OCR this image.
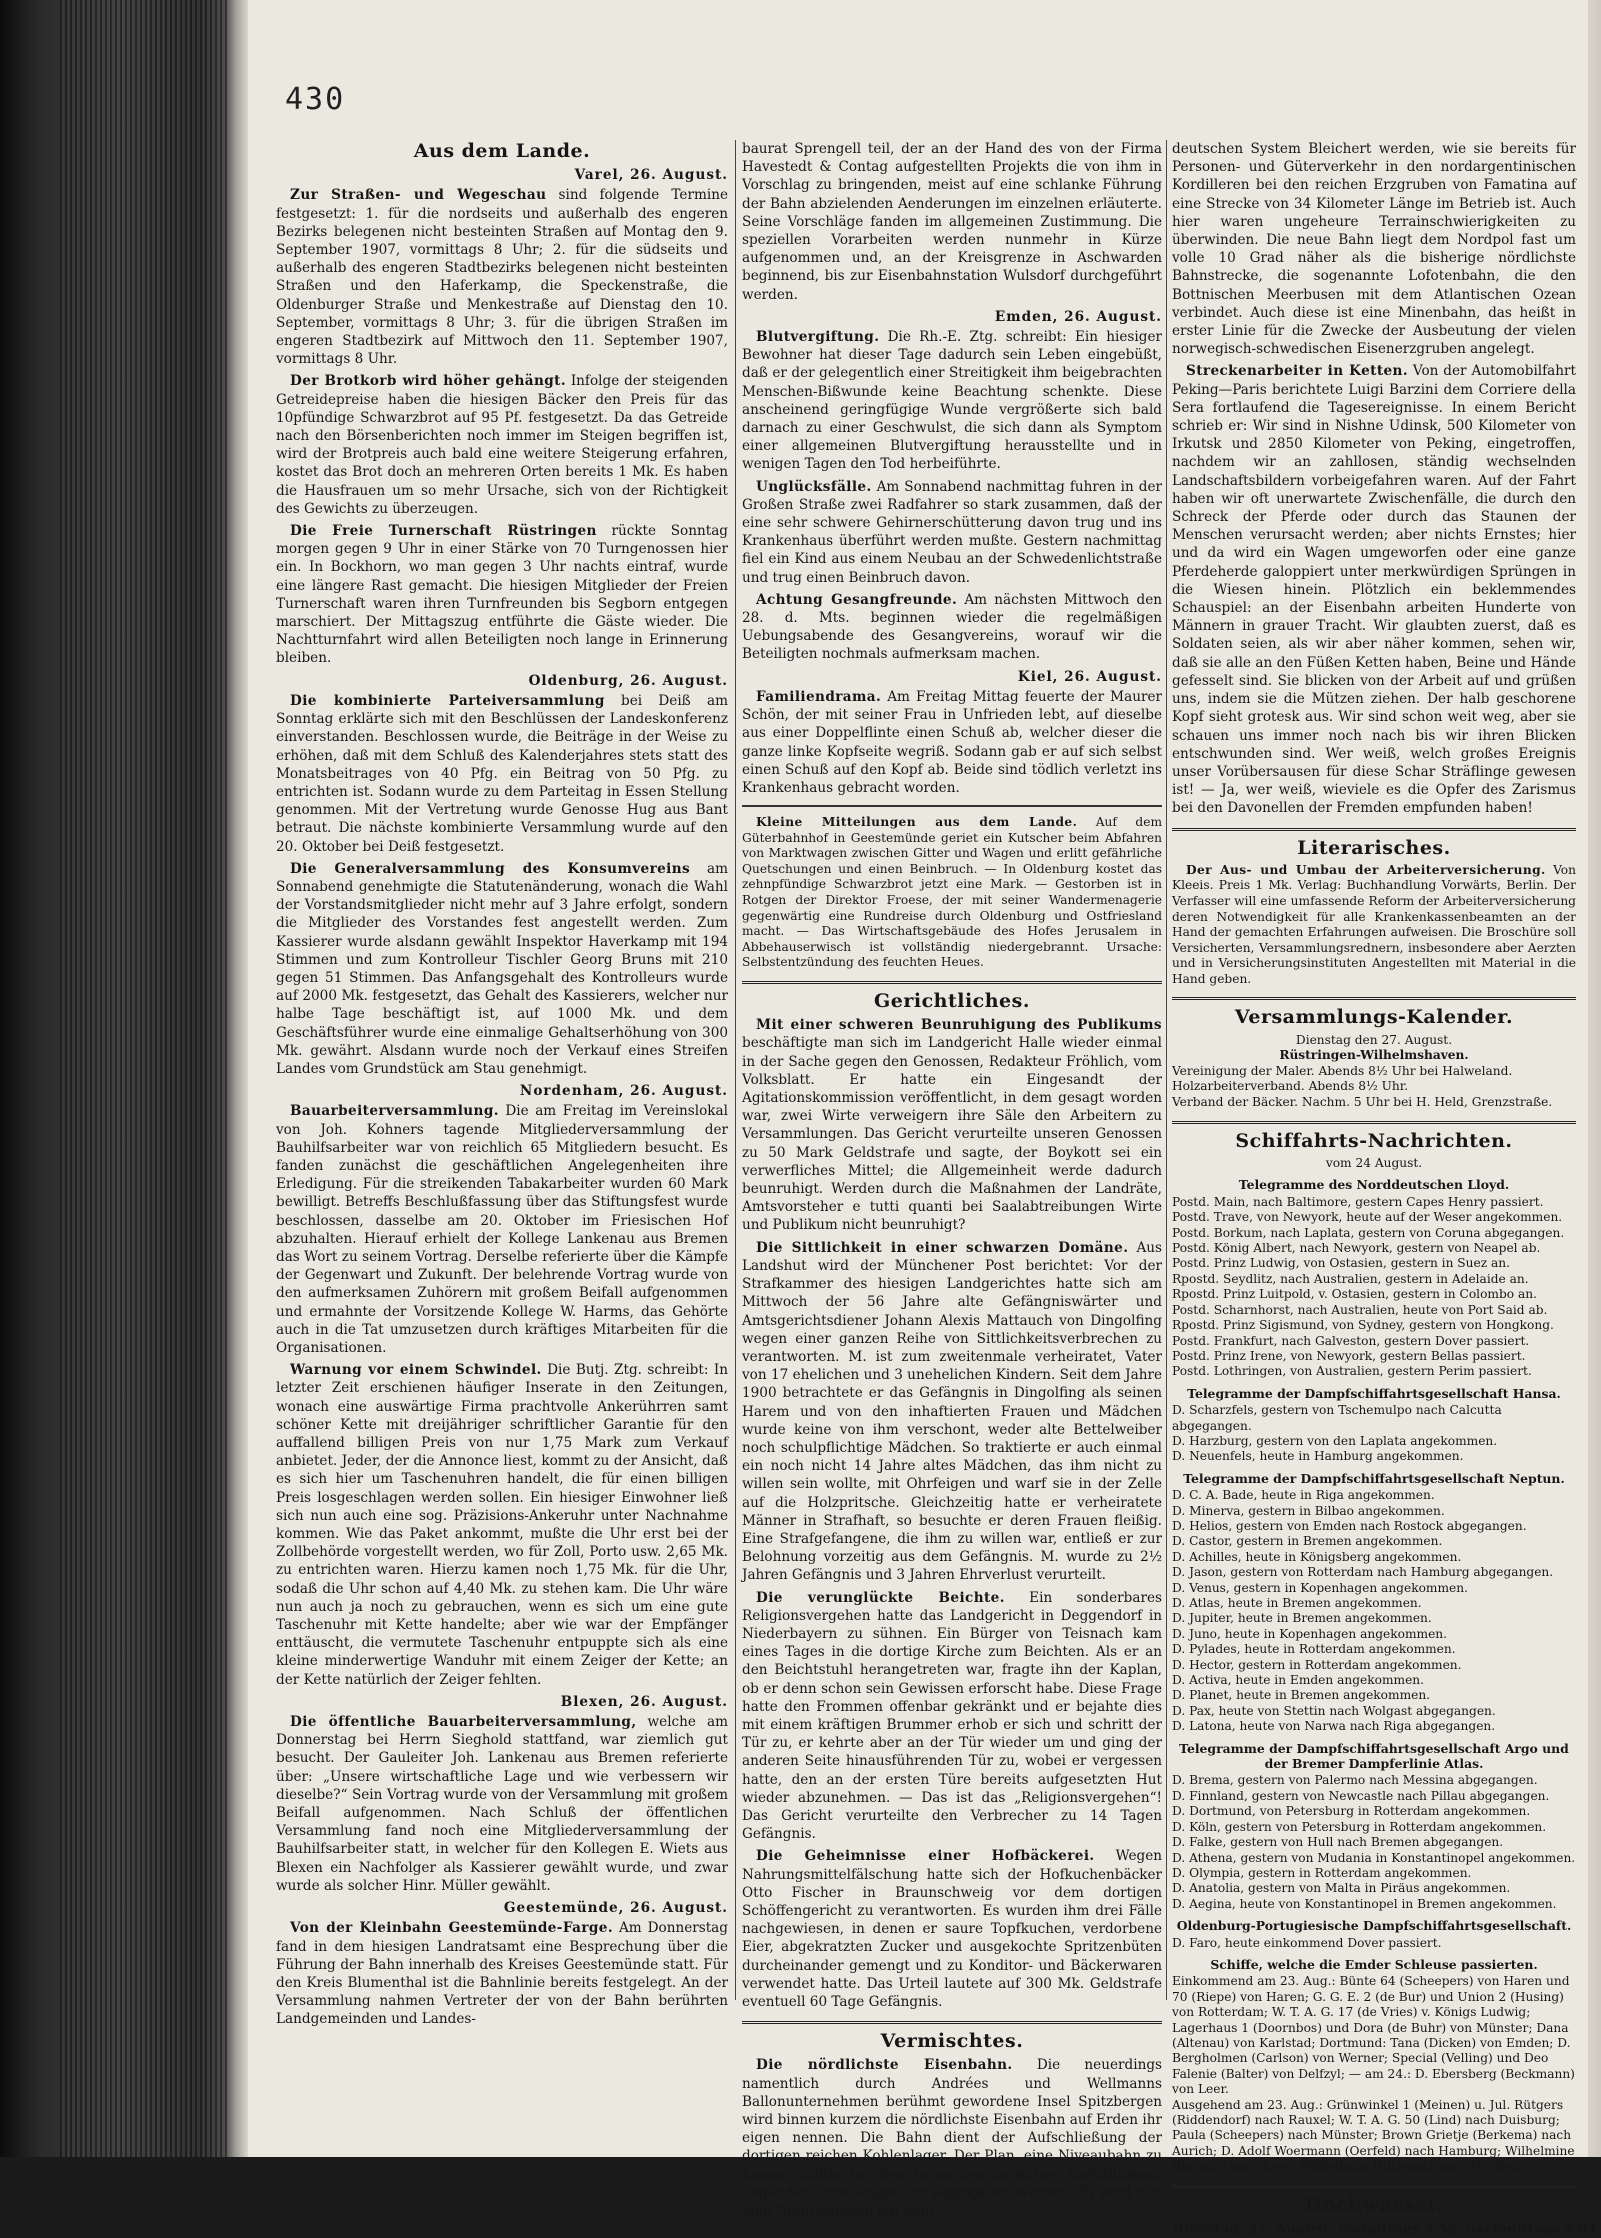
430
Aus dem Lande.
Varel, 26. August.

Zur Straßen- und Wegeschau sind folgende Termine festgesetzt: 1. für die nordseits und außerhalb des engeren Bezirks belegenen nicht besteinten Straßen auf Montag den 9. September 1907, vormittags 8 Uhr; 2. für die südseits und außerhalb des engeren Stadtbezirks belegenen nicht besteinten Straßen und den Haferkamp, die Speckenstraße, die Oldenburger Straße und Menkestraße auf Dienstag den 10. September, vormittags 8 Uhr; 3. für die übrigen Straßen im engeren Stadtbezirk auf Mittwoch den 11. September 1907, vormittags 8 Uhr.

Der Brotkorb wird höher gehängt. Infolge der steigenden Getreidepreise haben die hiesigen Bäcker den Preis für das 10pfündige Schwarzbrot auf 95 Pf. festgesetzt. Da das Getreide nach den Börsenberichten noch immer im Steigen begriffen ist, wird der Brotpreis auch bald eine weitere Steigerung erfahren, kostet das Brot doch an mehreren Orten bereits 1 Mk. Es haben die Hausfrauen um so mehr Ursache, sich von der Richtigkeit des Gewichts zu überzeugen.

Die Freie Turnerschaft Rüstringen rückte Sonntag morgen gegen 9 Uhr in einer Stärke von 70 Turngenossen hier ein. In Bockhorn, wo man gegen 3 Uhr nachts eintraf, wurde eine längere Rast gemacht. Die hiesigen Mitglieder der Freien Turnerschaft waren ihren Turnfreunden bis Segborn entgegen marschiert. Der Mittagszug entführte die Gäste wieder. Die Nachtturnfahrt wird allen Beteiligten noch lange in Erinnerung bleiben.

Oldenburg, 26. August.

Die kombinierte Parteiversammlung bei Deiß am Sonntag erklärte sich mit den Beschlüssen der Landeskonferenz einverstanden. Beschlossen wurde, die Beiträge in der Weise zu erhöhen, daß mit dem Schluß des Kalenderjahres stets statt des Monatsbeitrages von 40 Pfg. ein Beitrag von 50 Pfg. zu entrichten ist. Sodann wurde zu dem Parteitag in Essen Stellung genommen. Mit der Vertretung wurde Genosse Hug aus Bant betraut. Die nächste kombinierte Versammlung wurde auf den 20. Oktober bei Deiß festgesetzt.

Die Generalversammlung des Konsumvereins am Sonnabend genehmigte die Statutenänderung, wonach die Wahl der Vorstandsmitglieder nicht mehr auf 3 Jahre erfolgt, sondern die Mitglieder des Vorstandes fest angestellt werden. Zum Kassierer wurde alsdann gewählt Inspektor Haverkamp mit 194 Stimmen und zum Kontrolleur Tischler Georg Bruns mit 210 gegen 51 Stimmen. Das Anfangsgehalt des Kontrolleurs wurde auf 2000 Mk. festgesetzt, das Gehalt des Kassierers, welcher nur halbe Tage beschäftigt ist, auf 1000 Mk. und dem Geschäftsführer wurde eine einmalige Gehaltserhöhung von 300 Mk. gewährt. Alsdann wurde noch der Verkauf eines Streifen Landes vom Grundstück am Stau genehmigt.

Nordenham, 26. August.

Bauarbeiterversammlung. Die am Freitag im Vereinslokal von Joh. Kohners tagende Mitgliederversammlung der Bauhilfsarbeiter war von reichlich 65 Mitgliedern besucht. Es fanden zunächst die geschäftlichen Angelegenheiten ihre Erledigung. Für die streikenden Tabakarbeiter wurden 60 Mark bewilligt. Betreffs Beschlußfassung über das Stiftungsfest wurde beschlossen, dasselbe am 20. Oktober im Friesischen Hof abzuhalten. Hierauf erhielt der Kollege Lankenau aus Bremen das Wort zu seinem Vortrag. Derselbe referierte über die Kämpfe der Gegenwart und Zukunft. Der belehrende Vortrag wurde von den aufmerksamen Zuhörern mit großem Beifall aufgenommen und ermahnte der Vorsitzende Kollege W. Harms, das Gehörte auch in die Tat umzusetzen durch kräftiges Mitarbeiten für die Organisationen.

Warnung vor einem Schwindel. Die Butj. Ztg. schreibt: In letzter Zeit erschienen häufiger Inserate in den Zeitungen, wonach eine auswärtige Firma prachtvolle Ankerührren samt schöner Kette mit dreijähriger schriftlicher Garantie für den auffallend billigen Preis von nur 1,75 Mark zum Verkauf anbietet. Jeder, der die Annonce liest, kommt zu der Ansicht, daß es sich hier um Taschenuhren handelt, die für einen billigen Preis losgeschlagen werden sollen. Ein hiesiger Einwohner ließ sich nun auch eine sog. Präzisions-Ankeruhr unter Nachnahme kommen. Wie das Paket ankommt, mußte die Uhr erst bei der Zollbehörde vorgestellt werden, wo für Zoll, Porto usw. 2,65 Mk. zu entrichten waren. Hierzu kamen noch 1,75 Mk. für die Uhr, sodaß die Uhr schon auf 4,40 Mk. zu stehen kam. Die Uhr wäre nun auch ja noch zu gebrauchen, wenn es sich um eine gute Taschenuhr mit Kette handelte; aber wie war der Empfänger enttäuscht, die vermutete Taschenuhr entpuppte sich als eine kleine minderwertige Wanduhr mit einem Zeiger der Kette; an der Kette natürlich der Zeiger fehlten.

Blexen, 26. August.

Die öffentliche Bauarbeiterversammlung, welche am Donnerstag bei Herrn Sieghold stattfand, war ziemlich gut besucht. Der Gauleiter Joh. Lankenau aus Bremen referierte über: „Unsere wirtschaftliche Lage und wie verbessern wir dieselbe?“ Sein Vortrag wurde von der Versammlung mit großem Beifall aufgenommen. Nach Schluß der öffentlichen Versammlung fand noch eine Mitgliederversammlung der Bauhilfsarbeiter statt, in welcher für den Kollegen E. Wiets aus Blexen ein Nachfolger als Kassierer gewählt wurde, und zwar wurde als solcher Hinr. Müller gewählt.

Geestemünde, 26. August.

Von der Kleinbahn Geestemünde-Farge. Am Donnerstag fand in dem hiesigen Landratsamt eine Besprechung über die Führung der Bahn innerhalb des Kreises Geestemünde statt. Für den Kreis Blumenthal ist die Bahnlinie bereits festgelegt. An der Versammlung nahmen Vertreter der von der Bahn berührten Landgemeinden und Landes-

baurat Sprengell teil, der an der Hand des von der Firma Havestedt & Contag aufgestellten Projekts die von ihm in Vorschlag zu bringenden, meist auf eine schlanke Führung der Bahn abzielenden Aenderungen im einzelnen erläuterte. Seine Vorschläge fanden im allgemeinen Zustimmung. Die speziellen Vorarbeiten werden nunmehr in Kürze aufgenommen und, an der Kreisgrenze in Aschwarden beginnend, bis zur Eisenbahnstation Wulsdorf durchgeführt werden.

Emden, 26. August.

Blutvergiftung. Die Rh.-E. Ztg. schreibt: Ein hiesiger Bewohner hat dieser Tage dadurch sein Leben eingebüßt, daß er der gelegentlich einer Streitigkeit ihm beigebrachten Menschen-Bißwunde keine Beachtung schenkte. Diese anscheinend geringfügige Wunde vergrößerte sich bald darnach zu einer Geschwulst, die sich dann als Symptom einer allgemeinen Blutvergiftung herausstellte und in wenigen Tagen den Tod herbeiführte.

Unglücksfälle. Am Sonnabend nachmittag fuhren in der Großen Straße zwei Radfahrer so stark zusammen, daß der eine sehr schwere Gehirnerschütterung davon trug und ins Krankenhaus überführt werden mußte. Gestern nachmittag fiel ein Kind aus einem Neubau an der Schwedenlichtstraße und trug einen Beinbruch davon.

Achtung Gesangfreunde. Am nächsten Mittwoch den 28. d. Mts. beginnen wieder die regelmäßigen Uebungsabende des Gesangvereins, worauf wir die Beteiligten nochmals aufmerksam machen.

Kiel, 26. August.

Familiendrama. Am Freitag Mittag feuerte der Maurer Schön, der mit seiner Frau in Unfrieden lebt, auf dieselbe aus einer Doppelflinte einen Schuß ab, welcher dieser die ganze linke Kopfseite wegriß. Sodann gab er auf sich selbst einen Schuß auf den Kopf ab. Beide sind tödlich verletzt ins Krankenhaus gebracht worden.

Kleine Mitteilungen aus dem Lande. Auf dem Güterbahnhof in Geestemünde geriet ein Kutscher beim Abfahren von Marktwagen zwischen Gitter und Wagen und erlitt gefährliche Quetschungen und einen Beinbruch. — In Oldenburg kostet das zehnpfündige Schwarzbrot jetzt eine Mark. — Gestorben ist in Rotgen der Direktor Froese, der mit seiner Wandermenagerie gegenwärtig eine Rundreise durch Oldenburg und Ostfriesland macht. — Das Wirtschaftsgebäude des Hofes Jerusalem in Abbehauserwisch ist vollständig niedergebrannt. Ursache: Selbstentzündung des feuchten Heues.

Gerichtliches.

Mit einer schweren Beunruhigung des Publikums beschäftigte man sich im Landgericht Halle wieder einmal in der Sache gegen den Genossen, Redakteur Fröhlich, vom Volksblatt. Er hatte ein Eingesandt der Agitationskommission veröffentlicht, in dem gesagt worden war, zwei Wirte verweigern ihre Säle den Arbeitern zu Versammlungen. Das Gericht verurteilte unseren Genossen zu 50 Mark Geldstrafe und sagte, der Boykott sei ein verwerfliches Mittel; die Allgemeinheit werde dadurch beunruhigt. Werden durch die Maßnahmen der Landräte, Amtsvorsteher e tutti quanti bei Saalabtreibungen Wirte und Publikum nicht beunruhigt?

Die Sittlichkeit in einer schwarzen Domäne. Aus Landshut wird der Münchener Post berichtet: Vor der Strafkammer des hiesigen Landgerichtes hatte sich am Mittwoch der 56 Jahre alte Gefängniswärter und Amtsgerichtsdiener Johann Alexis Mattauch von Dingolfing wegen einer ganzen Reihe von Sittlichkeitsverbrechen zu verantworten. M. ist zum zweitenmale verheiratet, Vater von 17 ehelichen und 3 unehelichen Kindern. Seit dem Jahre 1900 betrachtete er das Gefängnis in Dingolfing als seinen Harem und von den inhaftierten Frauen und Mädchen wurde keine von ihm verschont, weder alte Bettelweiber noch schulpflichtige Mädchen. So traktierte er auch einmal ein noch nicht 14 Jahre altes Mädchen, das ihm nicht zu willen sein wollte, mit Ohrfeigen und warf sie in der Zelle auf die Holzpritsche. Gleichzeitig hatte er verheiratete Männer in Strafhaft, so besuchte er deren Frauen fleißig. Eine Strafgefangene, die ihm zu willen war, entließ er zur Belohnung vorzeitig aus dem Gefängnis. M. wurde zu 2½ Jahren Gefängnis und 3 Jahren Ehrverlust verurteilt.

Die verunglückte Beichte. Ein sonderbares Religionsvergehen hatte das Landgericht in Deggendorf in Niederbayern zu sühnen. Ein Bürger von Teisnach kam eines Tages in die dortige Kirche zum Beichten. Als er an den Beichtstuhl herangetreten war, fragte ihn der Kaplan, ob er denn schon sein Gewissen erforscht habe. Diese Frage hatte den Frommen offenbar gekränkt und er bejahte dies mit einem kräftigen Brummer erhob er sich und schritt der Tür zu, er kehrte aber an der Tür wieder um und ging der anderen Seite hinausführenden Tür zu, wobei er vergessen hatte, den an der ersten Türe bereits aufgesetzten Hut wieder abzunehmen. — Das ist das „Religionsvergehen“! Das Gericht verurteilte den Verbrecher zu 14 Tagen Gefängnis.

Die Geheimnisse einer Hofbäckerei. Wegen Nahrungsmittelfälschung hatte sich der Hofkuchenbäcker Otto Fischer in Braunschweig vor dem dortigen Schöffengericht zu verantworten. Es wurden ihm drei Fälle nachgewiesen, in denen er saure Topfkuchen, verdorbene Eier, abgekratzten Zucker und ausgekochte Spritzenbüten durcheinander gemengt und zu Konditor- und Bäckerwaren verwendet hatte. Das Urteil lautete auf 300 Mk. Geldstrafe eventuell 60 Tage Gefängnis.

Vermischtes.

Die nördlichste Eisenbahn. Die neuerdings namentlich durch Andrées und Wellmanns Ballonunternehmen berühmt gewordene Insel Spitzbergen wird binnen kurzem die nördlichste Eisenbahn auf Erden ihr eigen nennen. Die Bahn dient der Aufschließung der dortigen reichen Kohlenlager. Der Plan, eine Niveaubahn zu bauen, mußte bei den in meteorologischen Verhältnissen liegenden Schwierigkeiten aufgegeben werden. Es wird nun eine Drahtseilbahn auf dem

deutschen System Bleichert werden, wie sie bereits für Personen- und Güterverkehr in den nordargentinischen Kordilleren bei den reichen Erzgruben von Famatina auf eine Strecke von 34 Kilometer Länge im Betrieb ist. Auch hier waren ungeheure Terrainschwierigkeiten zu überwinden. Die neue Bahn liegt dem Nordpol fast um volle 10 Grad näher als die bisherige nördlichste Bahnstrecke, die sogenannte Lofotenbahn, die den Bottnischen Meerbusen mit dem Atlantischen Ozean verbindet. Auch diese ist eine Minenbahn, das heißt in erster Linie für die Zwecke der Ausbeutung der vielen norwegisch-schwedischen Eisenerzgruben angelegt.

Streckenarbeiter in Ketten. Von der Automobilfahrt Peking—Paris berichtete Luigi Barzini dem Corriere della Sera fortlaufend die Tagesereignisse. In einem Bericht schrieb er: Wir sind in Nishne Udinsk, 500 Kilometer von Irkutsk und 2850 Kilometer von Peking, eingetroffen, nachdem wir an zahllosen, ständig wechselnden Landschaftsbildern vorbeigefahren waren. Auf der Fahrt haben wir oft unerwartete Zwischenfälle, die durch den Schreck der Pferde oder durch das Staunen der Menschen verursacht werden; aber nichts Ernstes; hier und da wird ein Wagen umgeworfen oder eine ganze Pferdeherde galoppiert unter merkwürdigen Sprüngen in die Wiesen hinein. Plötzlich ein beklemmendes Schauspiel: an der Eisenbahn arbeiten Hunderte von Männern in grauer Tracht. Wir glaubten zuerst, daß es Soldaten seien, als wir aber näher kommen, sehen wir, daß sie alle an den Füßen Ketten haben, Beine und Hände gefesselt sind. Sie blicken von der Arbeit auf und grüßen uns, indem sie die Mützen ziehen. Der halb geschorene Kopf sieht grotesk aus. Wir sind schon weit weg, aber sie schauen uns immer noch nach bis wir ihren Blicken entschwunden sind. Wer weiß, welch großes Ereignis unser Vorübersausen für diese Schar Sträflinge gewesen ist! — Ja, wer weiß, wieviele es die Opfer des Zarismus bei den Davonellen der Fremden empfunden haben!

Literarisches.

Der Aus- und Umbau der Arbeiterversicherung. Von Kleeis. Preis 1 Mk. Verlag: Buchhandlung Vorwärts, Berlin. Der Verfasser will eine umfassende Reform der Arbeiterversicherung deren Notwendigkeit für alle Krankenkassenbeamten an der Hand der gemachten Erfahrungen aufweisen. Die Broschüre soll Versicherten, Versammlungsrednern, insbesondere aber Aerzten und in Versicherungsinstituten Angestellten mit Material in die Hand geben.

Versammlungs-Kalender.
Dienstag den 27. August.
Rüstringen-Wilhelmshaven.
Vereinigung der Maler. Abends 8½ Uhr bei Halweland.
Holzarbeiterverband. Abends 8½ Uhr.
Verband der Bäcker. Nachm. 5 Uhr bei H. Held, Grenzstraße.
Schiffahrts-Nachrichten.
vom 24 August.
Telegramme des Norddeutschen Lloyd.
Postd. Main, nach Baltimore, gestern Capes Henry passiert.
Postd. Trave, von Newyork, heute auf der Weser angekommen.
Postd. Borkum, nach Laplata, gestern von Coruna abgegangen.
Postd. König Albert, nach Newyork, gestern von Neapel ab.
Postd. Prinz Ludwig, von Ostasien, gestern in Suez an.
Rpostd. Seydlitz, nach Australien, gestern in Adelaide an.
Rpostd. Prinz Luitpold, v. Ostasien, gestern in Colombo an.
Postd. Scharnhorst, nach Australien, heute von Port Said ab.
Rpostd. Prinz Sigismund, von Sydney, gestern von Hongkong.
Postd. Frankfurt, nach Galveston, gestern Dover passiert.
Postd. Prinz Irene, von Newyork, gestern Bellas passiert.
Postd. Lothringen, von Australien, gestern Perim passiert.
Telegramme der Dampfschiffahrtsgesellschaft Hansa.
D. Scharzfels, gestern von Tschemulpo nach Calcutta abgegangen.
D. Harzburg, gestern von den Laplata angekommen.
D. Neuenfels, heute in Hamburg angekommen.
Telegramme der Dampfschiffahrtsgesellschaft Neptun.
D. C. A. Bade, heute in Riga angekommen.
D. Minerva, gestern in Bilbao angekommen.
D. Helios, gestern von Emden nach Rostock abgegangen.
D. Castor, gestern in Bremen angekommen.
D. Achilles, heute in Königsberg angekommen.
D. Jason, gestern von Rotterdam nach Hamburg abgegangen.
D. Venus, gestern in Kopenhagen angekommen.
D. Atlas, heute in Bremen angekommen.
D. Jupiter, heute in Bremen angekommen.
D. Juno, heute in Kopenhagen angekommen.
D. Pylades, heute in Rotterdam angekommen.
D. Hector, gestern in Rotterdam angekommen.
D. Activa, heute in Emden angekommen.
D. Planet, heute in Bremen angekommen.
D. Pax, heute von Stettin nach Wolgast abgegangen.
D. Latona, heute von Narwa nach Riga abgegangen.
Telegramme der Dampfschiffahrtsgesellschaft Argo und der Bremer Dampferlinie Atlas.
D. Brema, gestern von Palermo nach Messina abgegangen.
D. Finnland, gestern von Newcastle nach Pillau abgegangen.
D. Dortmund, von Petersburg in Rotterdam angekommen.
D. Köln, gestern von Petersburg in Rotterdam angekommen.
D. Falke, gestern von Hull nach Bremen abgegangen.
D. Athena, gestern von Mudania in Konstantinopel angekommen.
D. Olympia, gestern in Rotterdam angekommen.
D. Anatolia, gestern von Malta in Piräus angekommen.
D. Aegina, heute von Konstantinopel in Bremen angekommen.
Oldenburg-Portugiesische Dampfschiffahrtsgesellschaft.
D. Faro, heute einkommend Dover passiert.
Schiffe, welche die Emder Schleuse passierten.
Einkommend am 23. Aug.: Bünte 64 (Scheepers) von Haren und 70 (Riepe) von Haren; G. G. E. 2 (de Bur) und Union 2 (Husing) von Rotterdam; W. T. A. G. 17 (de Vries) v. Königs Ludwig; Lagerhaus 1 (Doornbos) und Dora (de Buhr) von Münster; Dana (Altenau) von Karlstad; Dortmund: Tana (Dicken) von Emden; D. Bergholmen (Carlson) von Werner; Special (Velling) und Deo Falenie (Balter) von Delfzyl; — am 24.: D. Ebersberg (Beckmann) von Leer.
Ausgehend am 23. Aug.: Grünwinkel 1 (Meinen) u. Jul. Rütgers (Riddendorf) nach Rauxel; W. T. A. G. 50 (Lind) nach Duisburg; Paula (Scheepers) nach Münster; Brown Grietje (Berkema) nach Aurich; D. Adolf Woermann (Oerfeld) nach Hamburg; Wilhelmine (Bartels) nach Leer; Wilhelmine (Ritzema) nach Norden.
Hochwasser.
Dienstag, 27. August: vormittags 3.52, nachmittags 4.04
